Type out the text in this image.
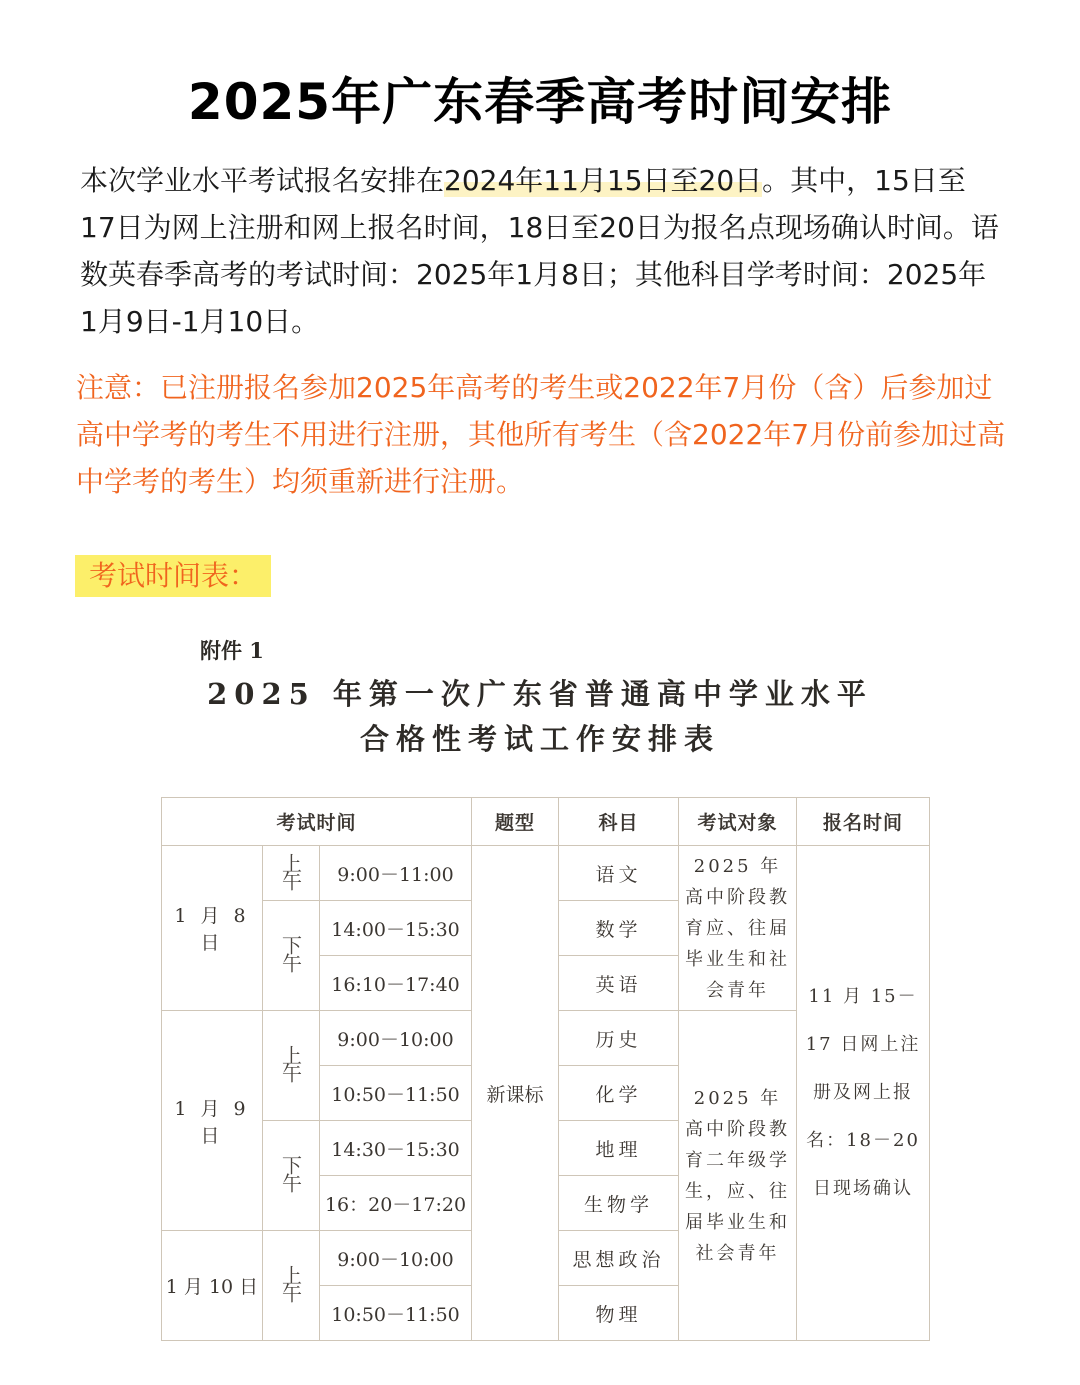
2025年广东春季高考时间安排
本次学业水平考试报名安排在2024年11月15日至20日。其中，15日至17日为网上注册和网上报名时间，18日至20日为报名点现场确认时间。语数英春季高考的考试时间：2025年1月8日；其他科目学考时间：2025年1月9日-1月10日。
注意：已注册报名参加2025年高考的考生或2022年7月份（含）后参加过高中学考的考生不用进行注册，其他所有考生（含2022年7月份前参加过高中学考的考生）均须重新进行注册。
考试时间表：
附件 1
2025 年第一次广东省普通高中学业水平
合格性考试工作安排表
考试时间			题型	科目	考试对象	报名时间
1 月 8 日	上午	9:00－11:00	新课标	语文	2025 年高中阶段教育应、往届毕业生和社会青年	11 月 15－17 日网上注册及网上报名：18－20 日现场确认
	下午	14:00－15:30		数学		
		16:10－17:40		英语		
1 月 9 日	上午	9:00－10:00		历史	2025 年高中阶段教育二年级学生，应、往届毕业生和社会青年	
		10:50－11:50		化学		
	下午	14:30－15:30		地理		
		16：20－17:20		生物学		
1 月 10 日	上午	9:00－10:00		思想政治		
		10:50－11:50		物理		
